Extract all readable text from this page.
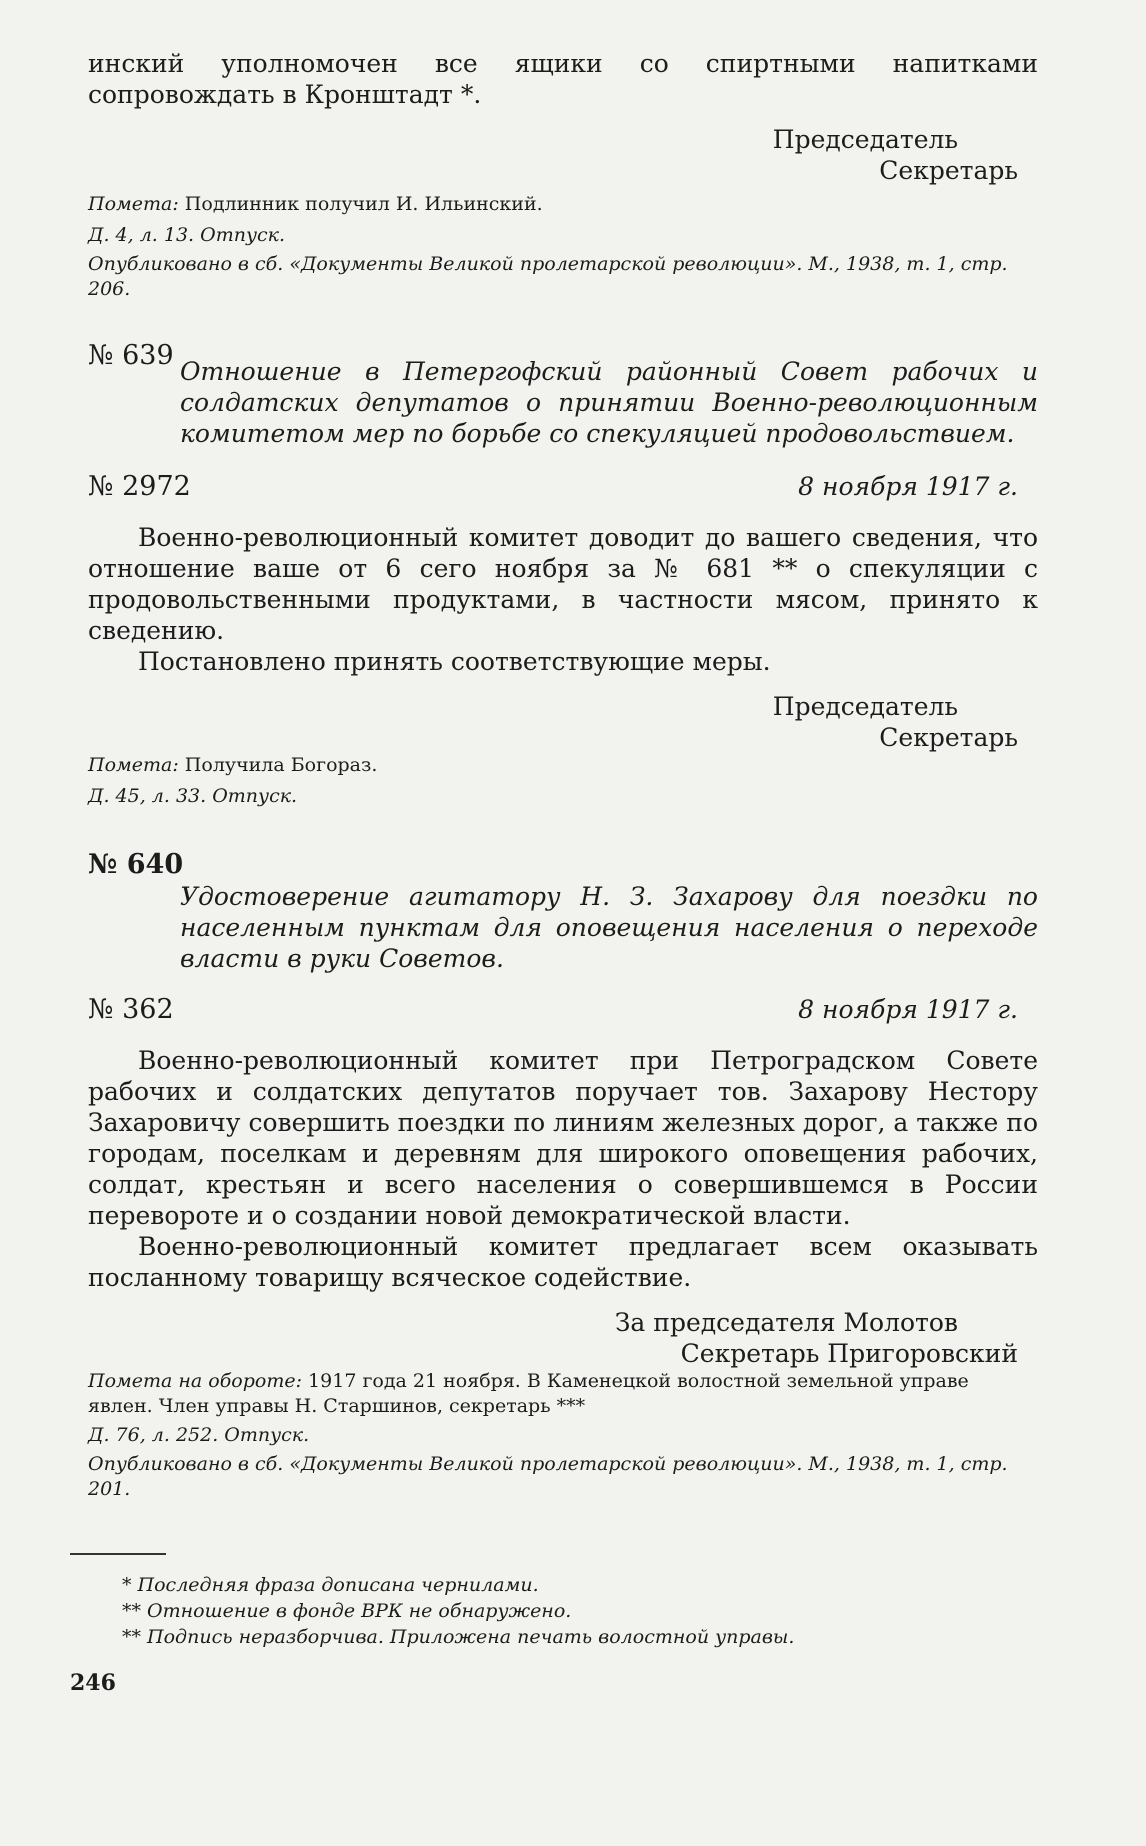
инский уполномочен все ящики со спиртными напитками сопровождать в Кронштадт *.

Председатель

Секретарь

Помета: Подлинник получил И. Ильинский.

Д. 4, л. 13. Отпуск.

Опубликовано в сб. «Документы Великой пролетарской революции». М., 1938, т. 1, стр. 206.

№ 639

Отношение в Петергофский районный Совет рабочих и солдатских депутатов о принятии Военно-революционным комитетом мер по борьбе со спекуляцией продовольствием.

№ 2972	8 ноября 1917 г.

Военно-революционный комитет доводит до вашего сведения, что отношение ваше от 6 сего ноября за № 681 ** о спекуляции с продовольственными продуктами, в частности мясом, принято к сведению.

Постановлено принять соответствующие меры.

Председатель

Секретарь

Помета: Получила Богораз.

Д. 45, л. 33. Отпуск.

№ 640

Удостоверение агитатору Н. З. Захарову для поездки по населенным пунктам для оповещения населения о переходе власти в руки Советов.

№ 362	8 ноября 1917 г.

Военно-революционный комитет при Петроградском Совете рабочих и солдатских депутатов поручает тов. Захарову Нестору Захаровичу совершить поездки по линиям железных дорог, а также по городам, поселкам и деревням для широкого оповещения рабочих, солдат, крестьян и всего населения о совершившемся в России перевороте и о создании новой демократической власти.

Военно-революционный комитет предлагает всем оказывать посланному товарищу всяческое содействие.

За председателя Молотов

Секретарь Пригоровский

Помета на обороте: 1917 года 21 ноября. В Каменецкой волостной земельной управе явлен. Член управы Н. Старшинов, секретарь ***

Д. 76, л. 252. Отпуск.

Опубликовано в сб. «Документы Великой пролетарской революции». М., 1938, т. 1, стр. 201.

* Последняя фраза дописана чернилами.
** Отношение в фонде ВРК не обнаружено.
** Подпись неразборчива. Приложена печать волостной управы.
246
